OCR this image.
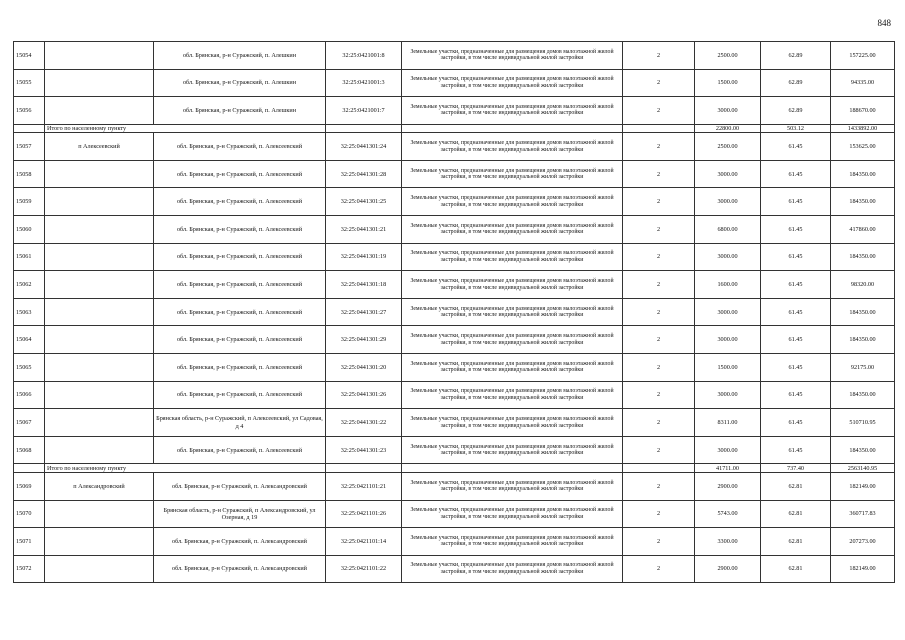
848
15054		обл. Брянская, р-н Суражский, п. Алешкин	32:25:0421001:8	Земельные участки, предназначенные для размещения домов малоэтажной жилой застройки, в том числе индивидуальной жилой застройки	2	2500.00	62.89	157225.00
15055		обл. Брянская, р-н Суражский, п. Алешкин	32:25:0421001:3	Земельные участки, предназначенные для размещения домов малоэтажной жилой застройки, в том числе индивидуальной жилой застройки	2	1500.00	62.89	94335.00
15056		обл. Брянская, р-н Суражский, п. Алешкин	32:25:0421001:7	Земельные участки, предназначенные для размещения домов малоэтажной жилой застройки, в том числе индивидуальной жилой застройки	2	3000.00	62.89	188670.00
	Итого по населенному пункту					22800.00	503.12	1433892.00
15057	п Алексеевский	обл. Брянская, р-н Суражский, п. Алексеевский	32:25:0441301:24	Земельные участки, предназначенные для размещения домов малоэтажной жилой застройки, в том числе индивидуальной жилой застройки	2	2500.00	61.45	153625.00
15058		обл. Брянская, р-н Суражский, п. Алексеевский	32:25:0441301:28	Земельные участки, предназначенные для размещения домов малоэтажной жилой застройки, в том числе индивидуальной жилой застройки	2	3000.00	61.45	184350.00
15059		обл. Брянская, р-н Суражский, п. Алексеевский	32:25:0441301:25	Земельные участки, предназначенные для размещения домов малоэтажной жилой застройки, в том числе индивидуальной жилой застройки	2	3000.00	61.45	184350.00
15060		обл. Брянская, р-н Суражский, п. Алексеевский	32:25:0441301:21	Земельные участки, предназначенные для размещения домов малоэтажной жилой застройки, в том числе индивидуальной жилой застройки	2	6800.00	61.45	417860.00
15061		обл. Брянская, р-н Суражский, п. Алексеевский	32:25:0441301:19	Земельные участки, предназначенные для размещения домов малоэтажной жилой застройки, в том числе индивидуальной жилой застройки	2	3000.00	61.45	184350.00
15062		обл. Брянская, р-н Суражский, п. Алексеевский	32:25:0441301:18	Земельные участки, предназначенные для размещения домов малоэтажной жилой застройки, в том числе индивидуальной жилой застройки	2	1600.00	61.45	98320.00
15063		обл. Брянская, р-н Суражский, п. Алексеевский	32:25:0441301:27	Земельные участки, предназначенные для размещения домов малоэтажной жилой застройки, в том числе индивидуальной жилой застройки	2	3000.00	61.45	184350.00
15064		обл. Брянская, р-н Суражский, п. Алексеевский	32:25:0441301:29	Земельные участки, предназначенные для размещения домов малоэтажной жилой застройки, в том числе индивидуальной жилой застройки	2	3000.00	61.45	184350.00
15065		обл. Брянская, р-н Суражский, п. Алексеевский	32:25:0441301:20	Земельные участки, предназначенные для размещения домов малоэтажной жилой застройки, в том числе индивидуальной жилой застройки	2	1500.00	61.45	92175.00
15066		обл. Брянская, р-н Суражский, п. Алексеевский	32:25:0441301:26	Земельные участки, предназначенные для размещения домов малоэтажной жилой застройки, в том числе индивидуальной жилой застройки	2	3000.00	61.45	184350.00
15067		Брянская область, р-н Суражский, п Алексеевский, ул Садовая, д 4	32:25:0441301:22	Земельные участки, предназначенные для размещения домов малоэтажной жилой застройки, в том числе индивидуальной жилой застройки	2	8311.00	61.45	510710.95
15068		обл. Брянская, р-н Суражский, п. Алексеевский	32:25:0441301:23	Земельные участки, предназначенные для размещения домов малоэтажной жилой застройки, в том числе индивидуальной жилой застройки	2	3000.00	61.45	184350.00
	Итого по населенному пункту					41711.00	737.40	2563140.95
15069	п Александровский	обл. Брянская, р-н Суражский, п. Александровский	32:25:0421101:21	Земельные участки, предназначенные для размещения домов малоэтажной жилой застройки, в том числе индивидуальной жилой застройки	2	2900.00	62.81	182149.00
15070		Брянская область, р-н Суражский, п Александровский, ул Озерная, д 19	32:25:0421101:26	Земельные участки, предназначенные для размещения домов малоэтажной жилой застройки, в том числе индивидуальной жилой застройки	2	5743.00	62.81	360717.83
15071		обл. Брянская, р-н Суражский, п. Александровский	32:25:0421101:14	Земельные участки, предназначенные для размещения домов малоэтажной жилой застройки, в том числе индивидуальной жилой застройки	2	3300.00	62.81	207273.00
15072		обл. Брянская, р-н Суражский, п. Александровский	32:25:0421101:22	Земельные участки, предназначенные для размещения домов малоэтажной жилой застройки, в том числе индивидуальной жилой застройки	2	2900.00	62.81	182149.00
